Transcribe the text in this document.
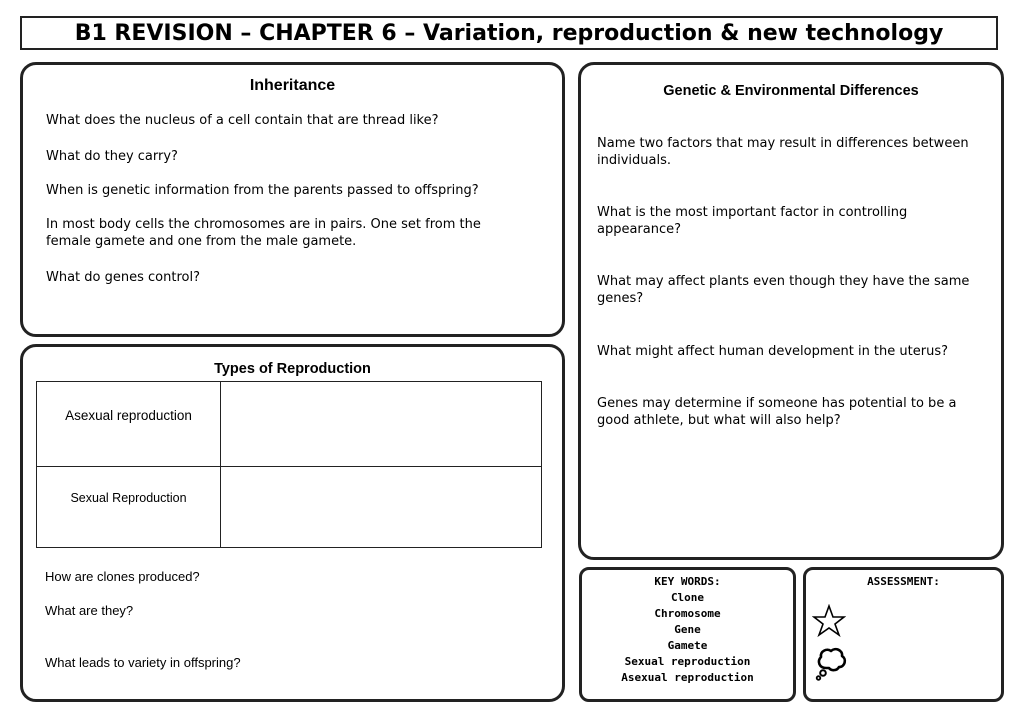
B1 REVISION – CHAPTER 6 – Variation, reproduction & new technology
Inheritance
What does the nucleus of a cell contain that are thread like?
What do they carry?
When is genetic information from the parents passed to offspring?
In most body cells the chromosomes are in pairs. One set from the female gamete and one from the male gamete.
What do genes control?
Genetic & Environmental Differences
Name two factors that may result in differences between individuals.
What is the most important factor in controlling appearance?
What may affect plants even though they have the same genes?
What might affect human development in the uterus?
Genes may determine if someone has potential to be a good athlete, but what will also help?
Types of Reproduction
How are clones produced?
What are they?
What leads to variety in offspring?
Asexual reproduction	
Sexual Reproduction	
KEY WORDS:
Clone
Chromosome
Gene
Gamete
Sexual reproduction
Asexual reproduction
ASSESSMENT:
